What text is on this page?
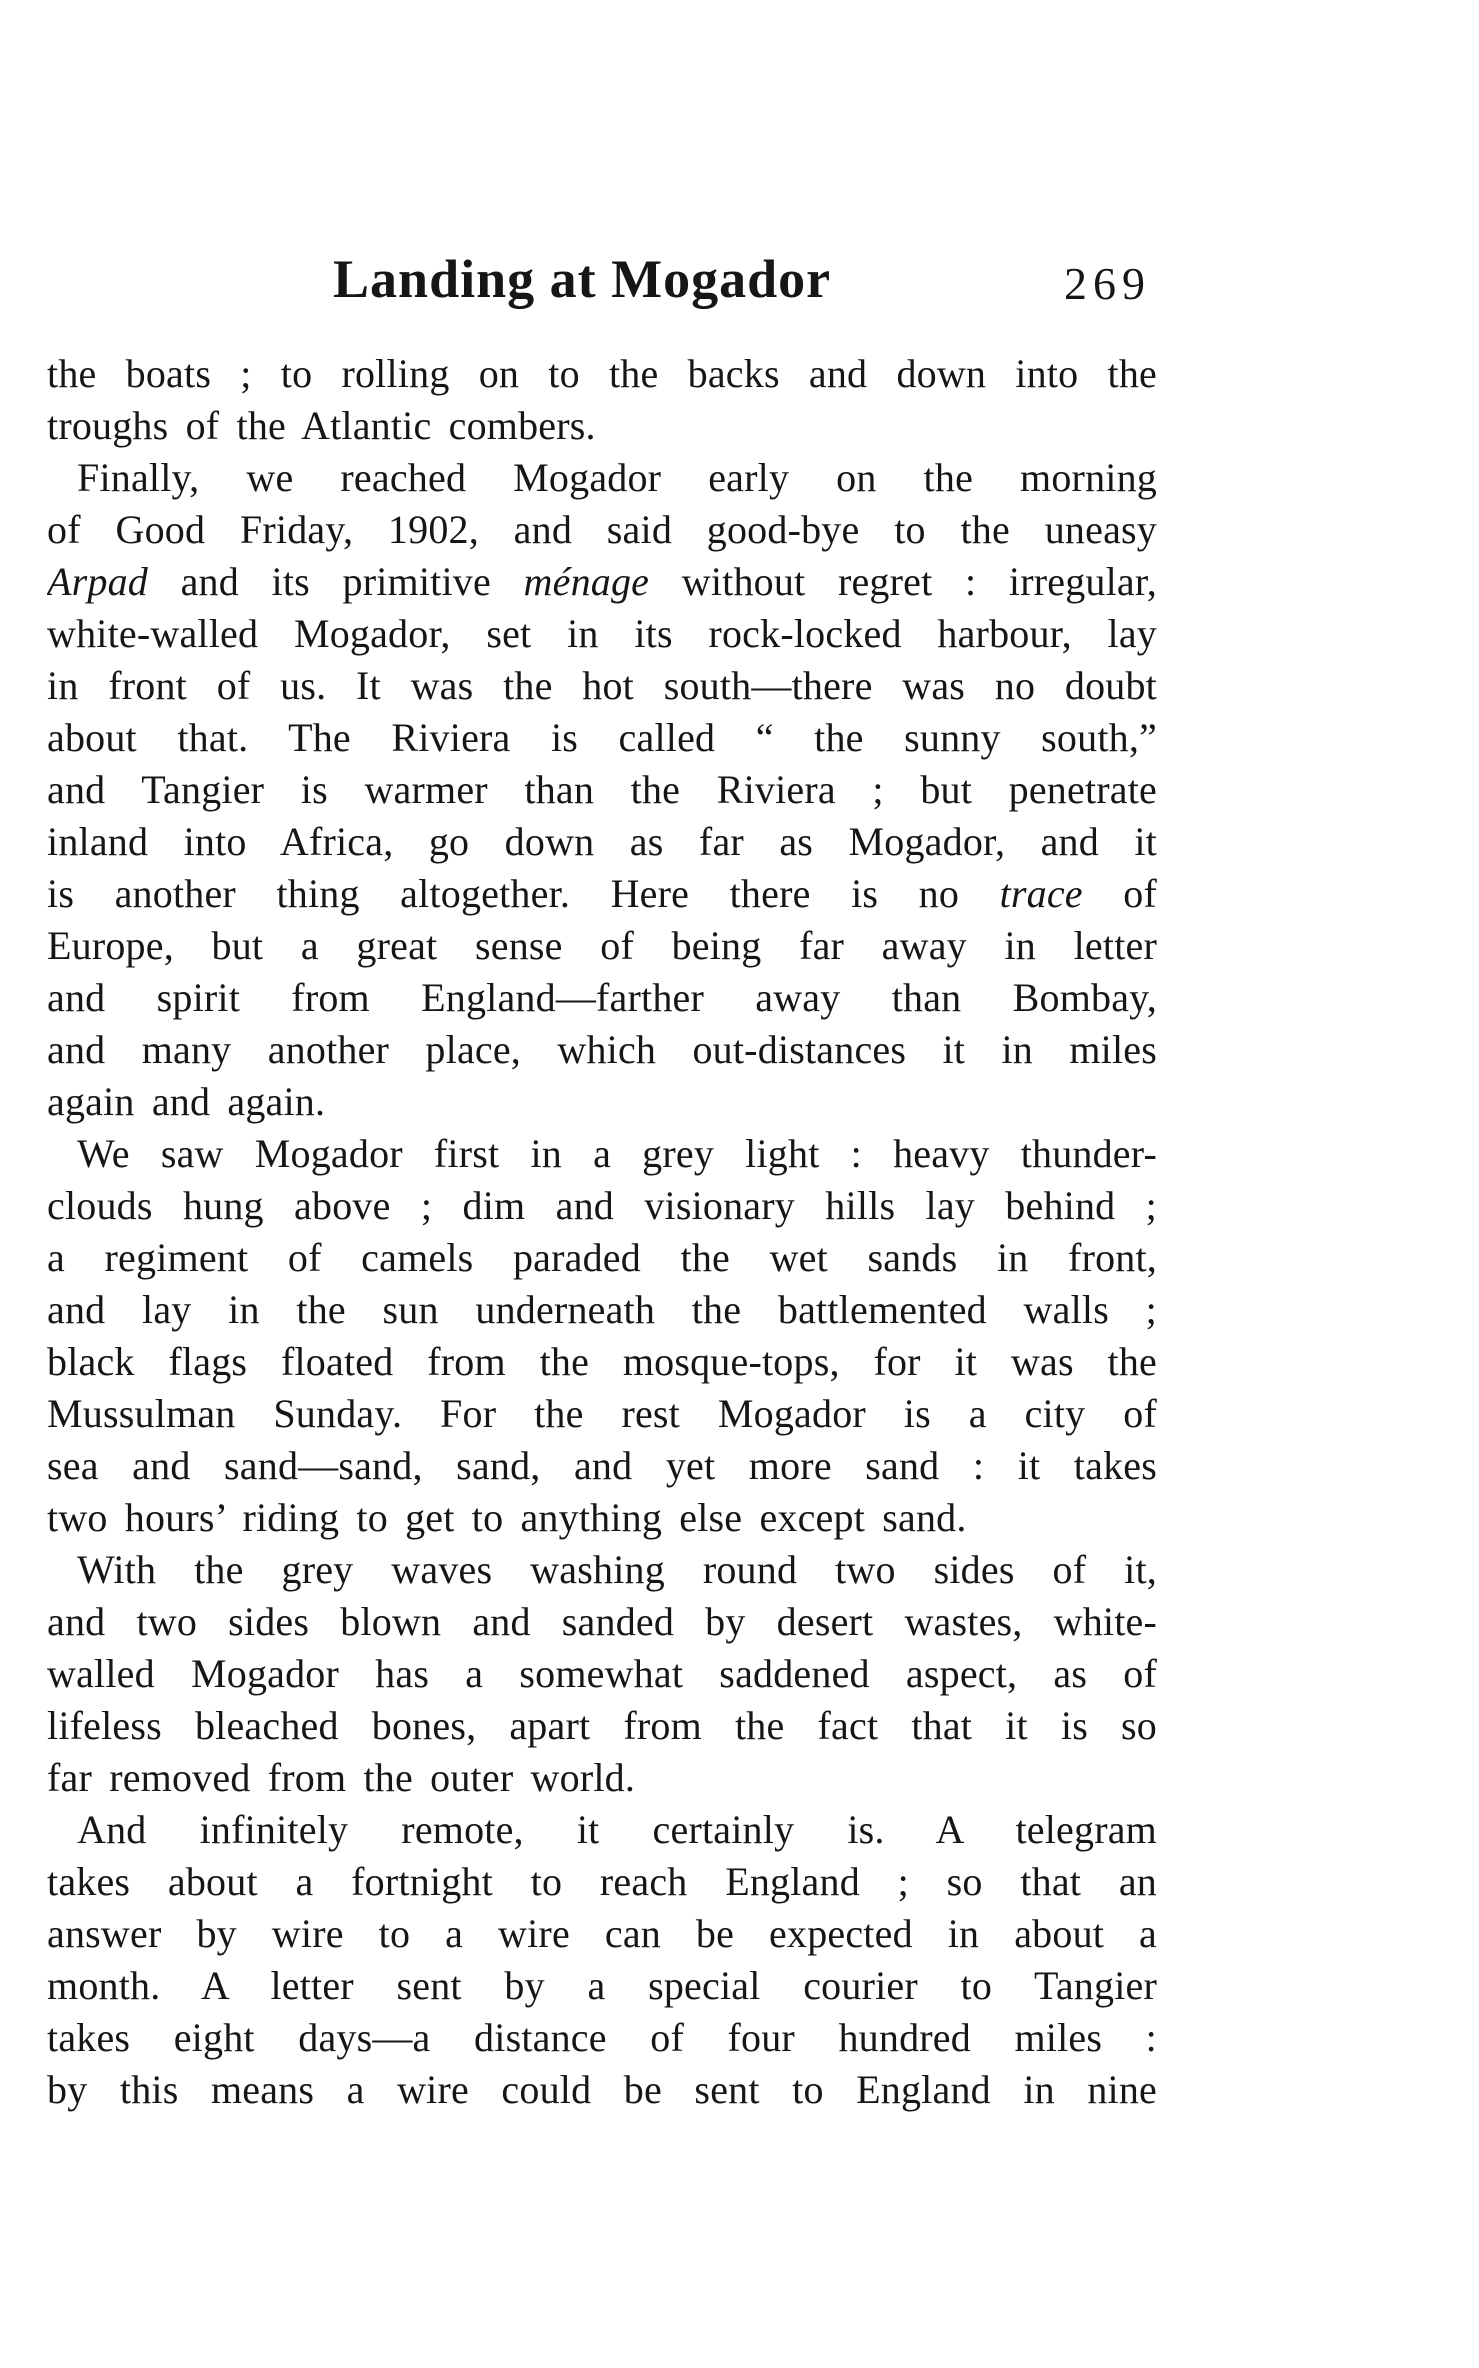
Landing at Mogador	269
the boats ; to rolling on to the backs and down into the
troughs of the Atlantic combers.
Finally, we reached Mogador early on the morning
of Good Friday, 1902, and said good-bye to the uneasy
Arpad and its primitive ménage without regret : irregular,
white-walled Mogador, set in its rock-locked harbour, lay
in front of us. It was the hot south—there was no doubt
about that. The Riviera is called “ the sunny south,”
and Tangier is warmer than the Riviera ; but penetrate
inland into Africa, go down as far as Mogador, and it
is another thing altogether. Here there is no trace of
Europe, but a great sense of being far away in letter
and spirit from England—farther away than Bombay,
and many another place, which out-distances it in miles
again and again.
We saw Mogador first in a grey light : heavy thunder-
clouds hung above ; dim and visionary hills lay behind ;
a regiment of camels paraded the wet sands in front,
and lay in the sun underneath the battlemented walls ;
black flags floated from the mosque-tops, for it was the
Mussulman Sunday. For the rest Mogador is a city of
sea and sand—sand, sand, and yet more sand : it takes
two hours’ riding to get to anything else except sand.
With the grey waves washing round two sides of it,
and two sides blown and sanded by desert wastes, white-
walled Mogador has a somewhat saddened aspect, as of
lifeless bleached bones, apart from the fact that it is so
far removed from the outer world.
And infinitely remote, it certainly is. A telegram
takes about a fortnight to reach England ; so that an
answer by wire to a wire can be expected in about a
month. A letter sent by a special courier to Tangier
takes eight days—a distance of four hundred miles :
by this means a wire could be sent to England in nine
